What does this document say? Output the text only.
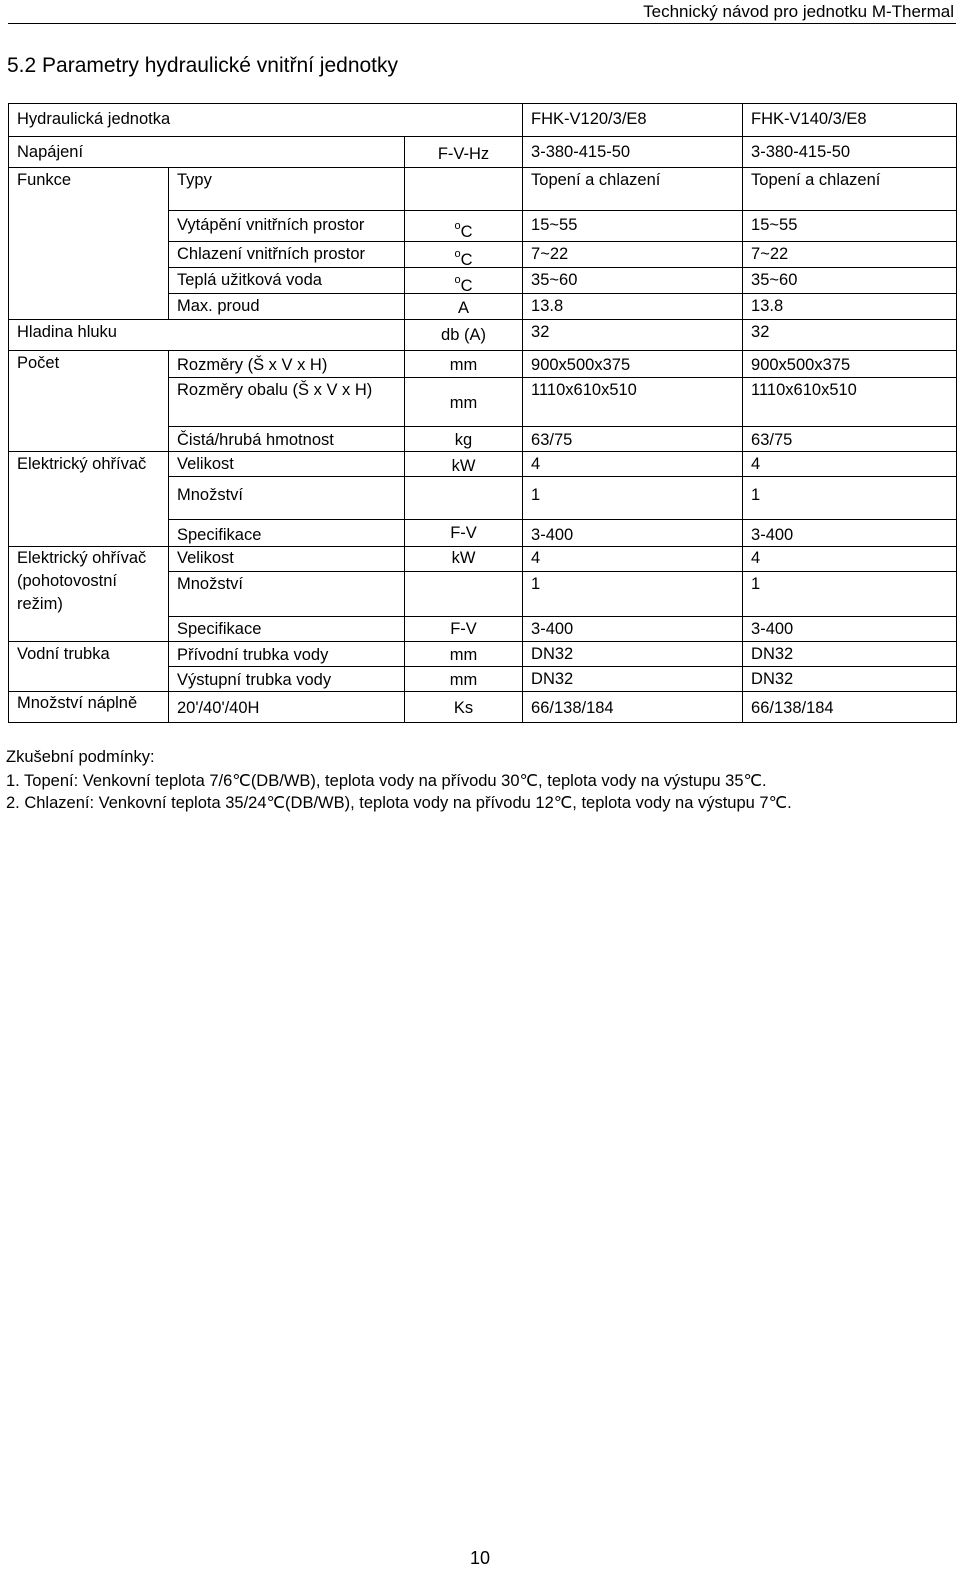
Technický návod pro jednotku M-Thermal
5.2 Parametry hydraulické vnitřní jednotky
Hydraulická jednotka			FHK-V120/3/E8	FHK-V140/3/E8

Napájení		F-V-Hz	3-380-415-50	3-380-415-50

Funkce	Typy		Topení a chlazení	Topení a chlazení

	Vytápění vnitřních prostor	$^o$C	15~55	15~55

	Chlazení vnitřních prostor	$^o$C	7~22	7~22

	Teplá užitková voda	$^o$C	35~60	35~60

	Max. proud	A	13.8	13.8

Hladina hluku		db (A)	32	32

Počet	Rozměry (Š x V x H)	mm	900x500x375	900x500x375

	Rozměry obalu (Š x V x H)	mm	1110x610x510	1110x610x510

	Čistá/hrubá hmotnost	kg	63/75	63/75

Elektrický ohřívač	Velikost	kW	4	4

	Množství		1	1

	Specifikace	F-V	3-400	3-400

Elektrický ohřívač (pohotovostní režim)	Velikost	kW	4	4

	Množství		1	1

	Specifikace	F-V	3-400	3-400

Vodní trubka	Přívodní trubka vody	mm	DN32	DN32

	Výstupní trubka vody	mm	DN32	DN32

Množství náplně	20'/40'/40H	Ks	66/138/184	66/138/184
Zkušební podmínky:
1. Topení: Venkovní teplota 7/6℃(DB/WB), teplota vody na přívodu 30℃, teplota vody na výstupu 35℃.
2. Chlazení: Venkovní teplota 35/24℃(DB/WB), teplota vody na přívodu 12℃, teplota vody na výstupu 7℃.
10
